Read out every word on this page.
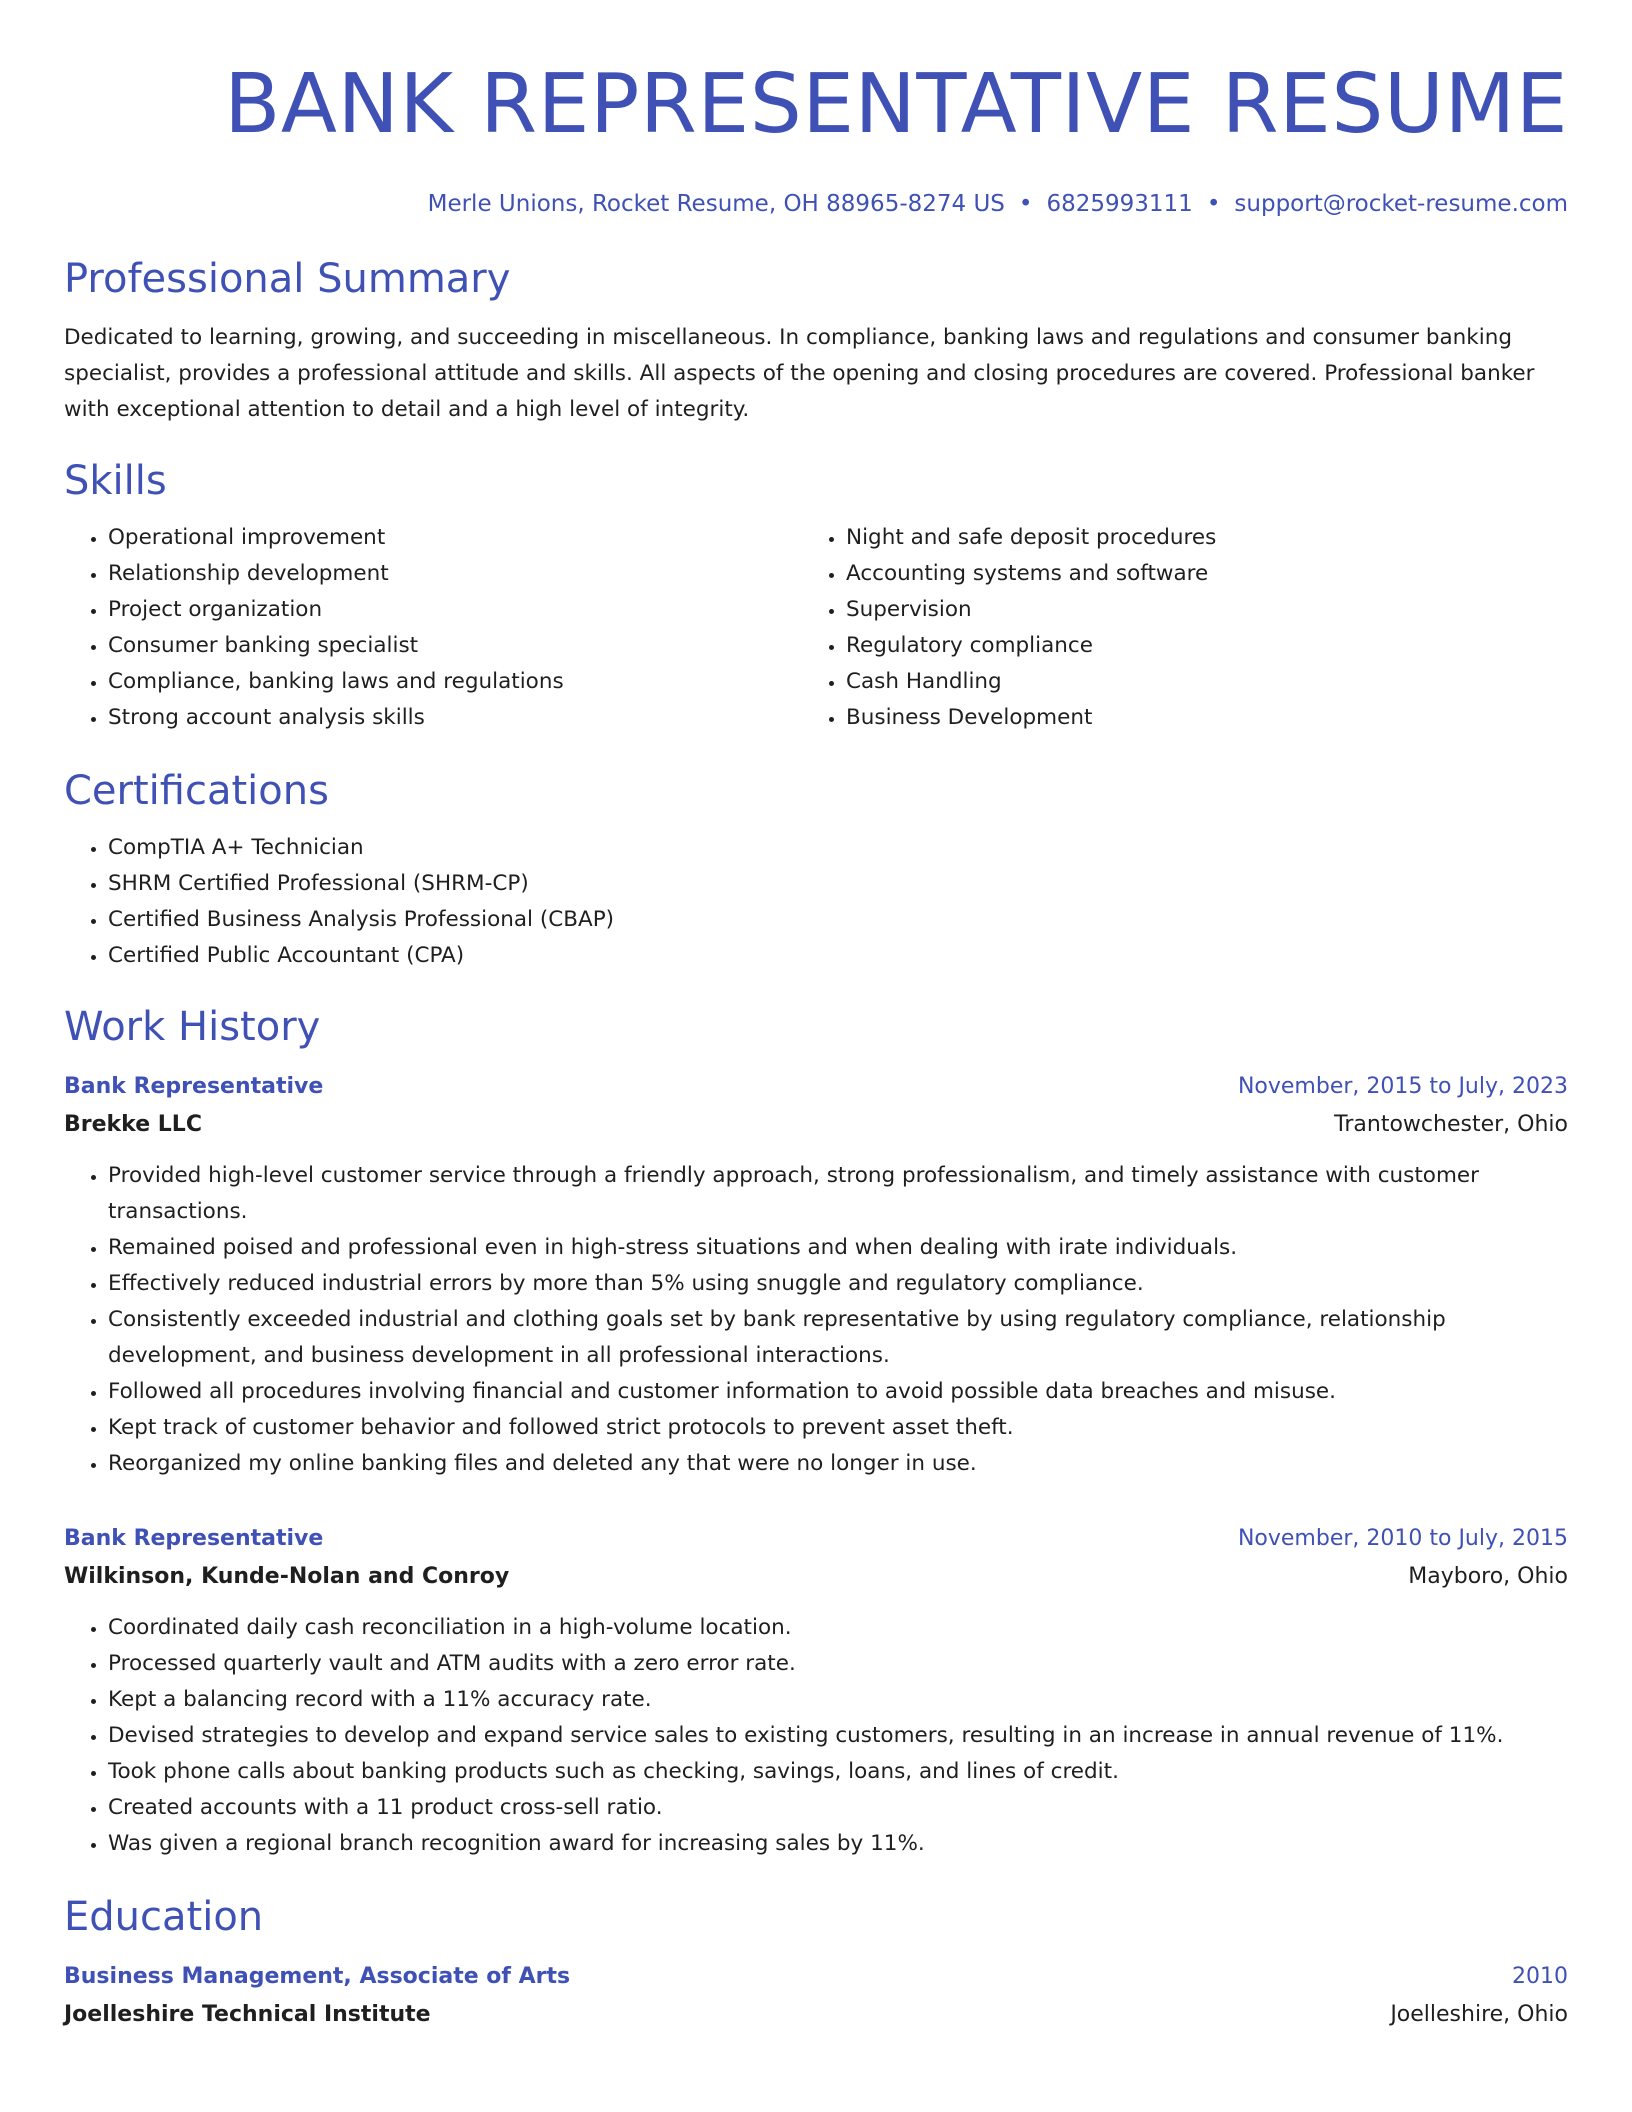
BANK REPRESENTATIVE RESUME
Merle Unions, Rocket Resume, OH 88965-8274 US • 6825993111 • support@rocket-resume.com
Professional Summary

Dedicated to learning, growing, and succeeding in miscellaneous. In compliance, banking laws and regulations and consumer banking specialist, provides a professional attitude and skills. All aspects of the opening and closing procedures are covered. Professional banker with exceptional attention to detail and a high level of integrity.

Skills
• Operational improvement
• Relationship development
• Project organization
• Consumer banking specialist
• Compliance, banking laws and regulations
• Strong account analysis skills
• Night and safe deposit procedures
• Accounting systems and software
• Supervision
• Regulatory compliance
• Cash Handling
• Business Development
Certifications
• CompTIA A+ Technician
• SHRM Certified Professional (SHRM-CP)
• Certified Business Analysis Professional (CBAP)
• Certified Public Accountant (CPA)
Work History
Bank Representative	November, 2015 to July, 2023
Brekke LLC	Trantowchester, Ohio
• Provided high-level customer service through a friendly approach, strong professionalism, and timely assistance with customer transactions.
• Remained poised and professional even in high-stress situations and when dealing with irate individuals.
• Effectively reduced industrial errors by more than 5% using snuggle and regulatory compliance.
• Consistently exceeded industrial and clothing goals set by bank representative by using regulatory compliance, relationship development, and business development in all professional interactions.
• Followed all procedures involving financial and customer information to avoid possible data breaches and misuse.
• Kept track of customer behavior and followed strict protocols to prevent asset theft.
• Reorganized my online banking files and deleted any that were no longer in use.
Bank Representative	November, 2010 to July, 2015
Wilkinson, Kunde-Nolan and Conroy	Mayboro, Ohio
• Coordinated daily cash reconciliation in a high-volume location.
• Processed quarterly vault and ATM audits with a zero error rate.
• Kept a balancing record with a 11% accuracy rate.
• Devised strategies to develop and expand service sales to existing customers, resulting in an increase in annual revenue of 11%.
• Took phone calls about banking products such as checking, savings, loans, and lines of credit.
• Created accounts with a 11 product cross-sell ratio.
• Was given a regional branch recognition award for increasing sales by 11%.
Education
Business Management, Associate of Arts	2010
Joelleshire Technical Institute	Joelleshire, Ohio
